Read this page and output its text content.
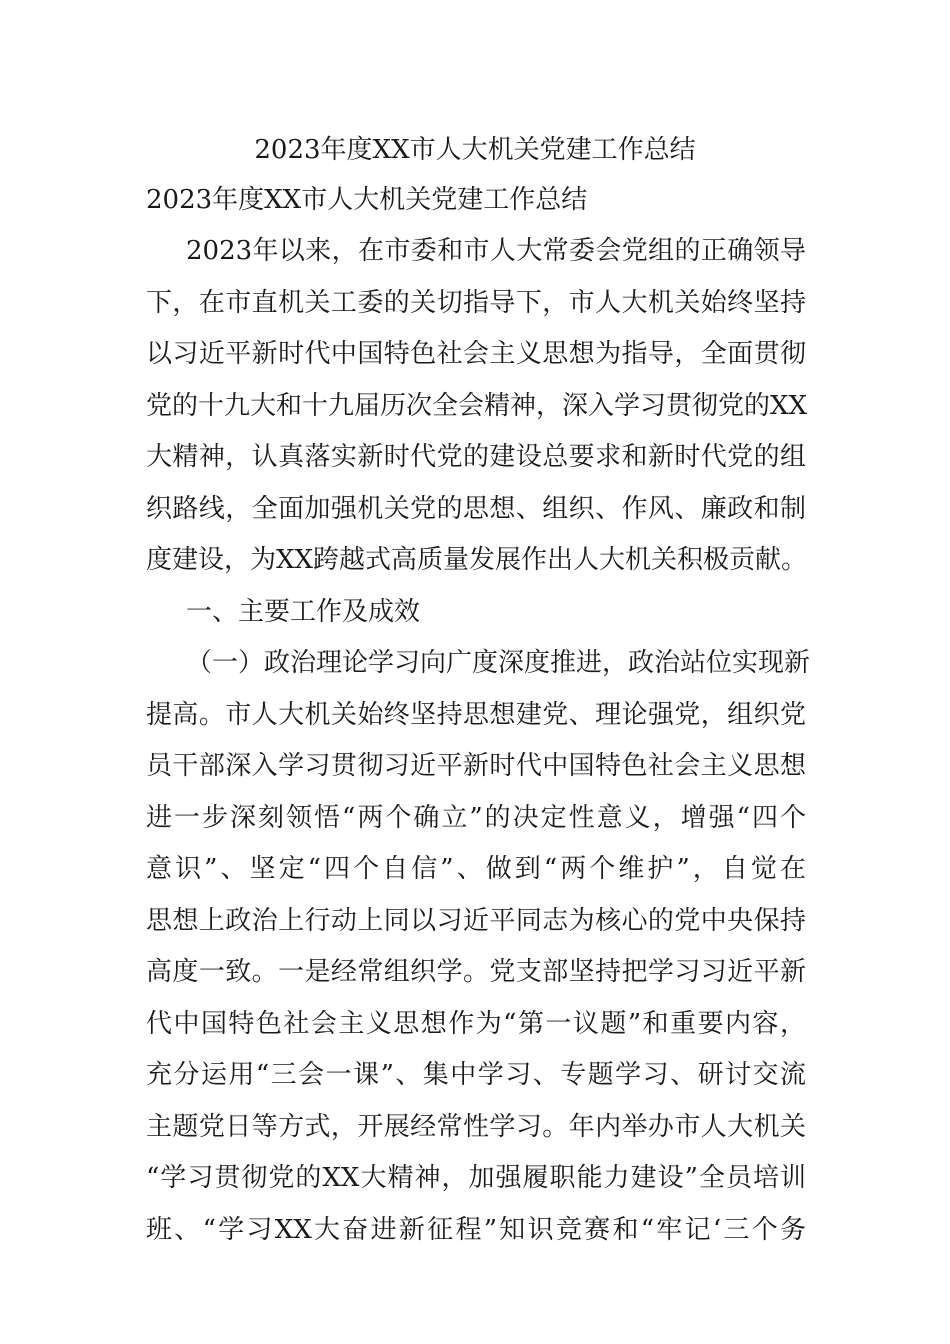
2023年度XX市人大机关党建工作总结
2023年度XX市人大机关党建工作总结
2023年以来，在市委和市人大常委会党组的正确领导
下，在市直机关工委的关切指导下，市人大机关始终坚持
以习近平新时代中国特色社会主义思想为指导，全面贯彻
党的十九大和十九届历次全会精神，深入学习贯彻党的XX
大精神，认真落实新时代党的建设总要求和新时代党的组
织路线，全面加强机关党的思想、组织、作风、廉政和制
度建设，为XX跨越式高质量发展作出人大机关积极贡献。
一、主要工作及成效
（一）政治理论学习向广度深度推进，政治站位实现新
提高。市人大机关始终坚持思想建党、理论强党，组织党
员干部深入学习贯彻习近平新时代中国特色社会主义思想
进一步深刻领悟“两个确立”的决定性意义，增强“四个
意识”、坚定“四个自信”、做到“两个维护”，自觉在
思想上政治上行动上同以习近平同志为核心的党中央保持
高度一致。一是经常组织学。党支部坚持把学习习近平新
代中国特色社会主义思想作为“第一议题”和重要内容，
充分运用“三会一课”、集中学习、专题学习、研讨交流
主题党日等方式，开展经常性学习。年内举办市人大机关
“学习贯彻党的XX大精神，加强履职能力建设”全员培训
班、“学习XX大奋进新征程”知识竞赛和“牢记‘三个务
